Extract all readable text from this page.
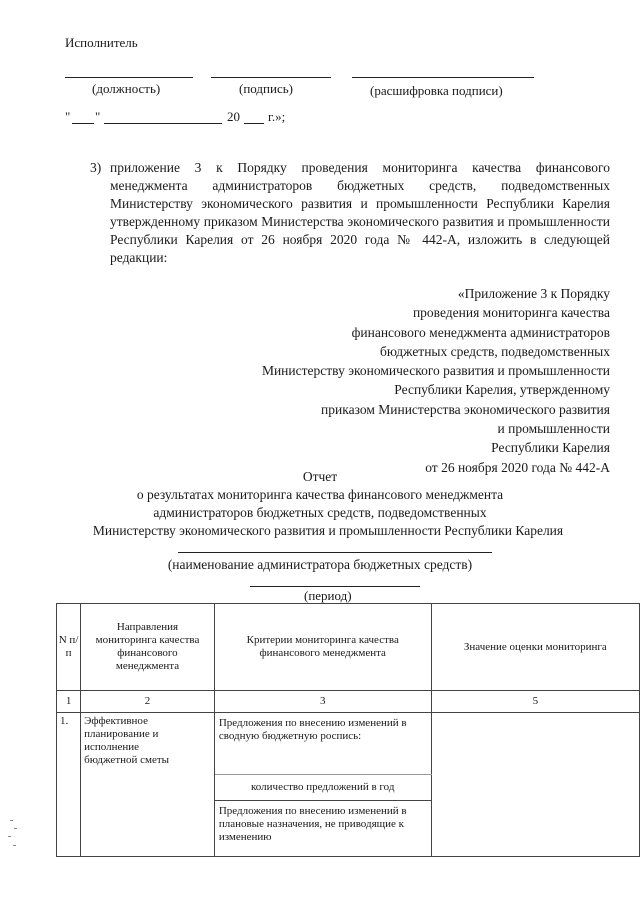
Исполнитель
(должность)	(подпись)	(расшифровка подписи)
" "	20 г.»;
3) приложение 3 к Порядку проведения мониторинга качества финансового менеджмента администраторов бюджетных средств, подведомственных Министерству экономического развития и промышленности Республики Карелия утвержденному приказом Министерства экономического развития и промышленности Республики Карелия от 26 ноября 2020 года № 442-А, изложить в следующей редакции:
«Приложение 3 к Порядку
проведения мониторинга качества
финансового менеджмента администраторов
бюджетных средств, подведомственных
Министерству экономического развития и промышленности
Республики Карелия, утвержденному
приказом Министерства экономического развития
и промышленности
Республики Карелия
от 26 ноября 2020 года № 442-А
Отчет
о результатах мониторинга качества финансового менеджмента
администраторов бюджетных средств, подведомственных
Министерству экономического развития и промышленности Республики Карелия
(наименование администратора бюджетных средств)
(период)
N п/п	Направления мониторинга качества финансового менеджмента	Критерии мониторинга качества финансового менеджмента	Значение оценки мониторинга
1	2	3	5
1.	Эффективное планирование и исполнение бюджетной сметы	Предложения по внесению изменений в сводную бюджетную роспись:	
		количество предложений в год	
		Предложения по внесению изменений в плановые назначения, не приводящие к изменению	
